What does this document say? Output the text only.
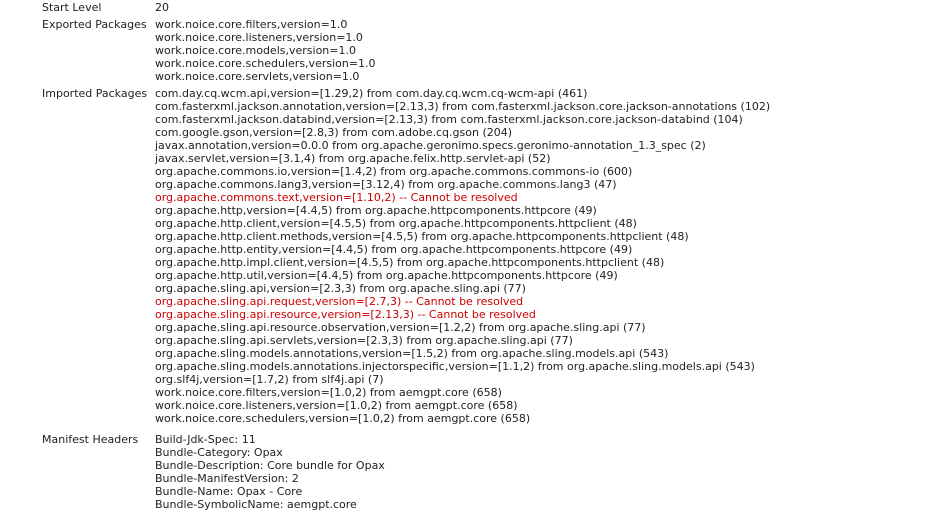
Start Level	20
Exported Packages work.noice.core.filters,version=1.0
work.noice.core.listeners,version=1.0
work.noice.core.models,version=1.0
work.noice.core.schedulers,version=1.0
work.noice.core.servlets,version=1.0
Imported Packages com.day.cq.wcm.api,version=[1.29,2) from com.day.cq.wcm.cq-wcm-api (461)
com.fasterxml.jackson.annotation,version=[2.13,3) from com.fasterxml.jackson.core.jackson-annotations (102)
com.fasterxml.jackson.databind,version=[2.13,3) from com.fasterxml.jackson.core.jackson-databind (104)
com.google.gson,version=[2.8,3) from com.adobe.cq.gson (204)
javax.annotation,version=0.0.0 from org.apache.geronimo.specs.geronimo-annotation_1.3_spec (2)
javax.servlet,version=[3.1,4) from org.apache.felix.http.servlet-api (52)
org.apache.commons.io,version=[1.4,2) from org.apache.commons.commons-io (600)
org.apache.commons.lang3,version=[3.12,4) from org.apache.commons.lang3 (47)
org.apache.commons.text,version=[1.10,2) -- Cannot be resolved
org.apache.http,version=[4.4,5) from org.apache.httpcomponents.httpcore (49)
org.apache.http.client,version=[4.5,5) from org.apache.httpcomponents.httpclient (48)
org.apache.http.client.methods,version=[4.5,5) from org.apache.httpcomponents.httpclient (48)
org.apache.http.entity,version=[4.4,5) from org.apache.httpcomponents.httpcore (49)
org.apache.http.impl.client,version=[4.5,5) from org.apache.httpcomponents.httpclient (48)
org.apache.http.util,version=[4.4,5) from org.apache.httpcomponents.httpcore (49)
org.apache.sling.api,version=[2.3,3) from org.apache.sling.api (77)
org.apache.sling.api.request,version=[2.7,3) -- Cannot be resolved
org.apache.sling.api.resource,version=[2.13,3) -- Cannot be resolved
org.apache.sling.api.resource.observation,version=[1.2,2) from org.apache.sling.api (77)
org.apache.sling.api.servlets,version=[2.3,3) from org.apache.sling.api (77)
org.apache.sling.models.annotations,version=[1.5,2) from org.apache.sling.models.api (543)
org.apache.sling.models.annotations.injectorspecific,version=[1.1,2) from org.apache.sling.models.api (543)
org.slf4j,version=[1.7,2) from slf4j.api (7)
work.noice.core.filters,version=[1.0,2) from aemgpt.core (658)
work.noice.core.listeners,version=[1.0,2) from aemgpt.core (658)
work.noice.core.schedulers,version=[1.0,2) from aemgpt.core (658)
Manifest Headers Build-Jdk-Spec: 11
Bundle-Category: Opax
Bundle-Description: Core bundle for Opax
Bundle-ManifestVersion: 2
Bundle-Name: Opax - Core
Bundle-SymbolicName: aemgpt.core
